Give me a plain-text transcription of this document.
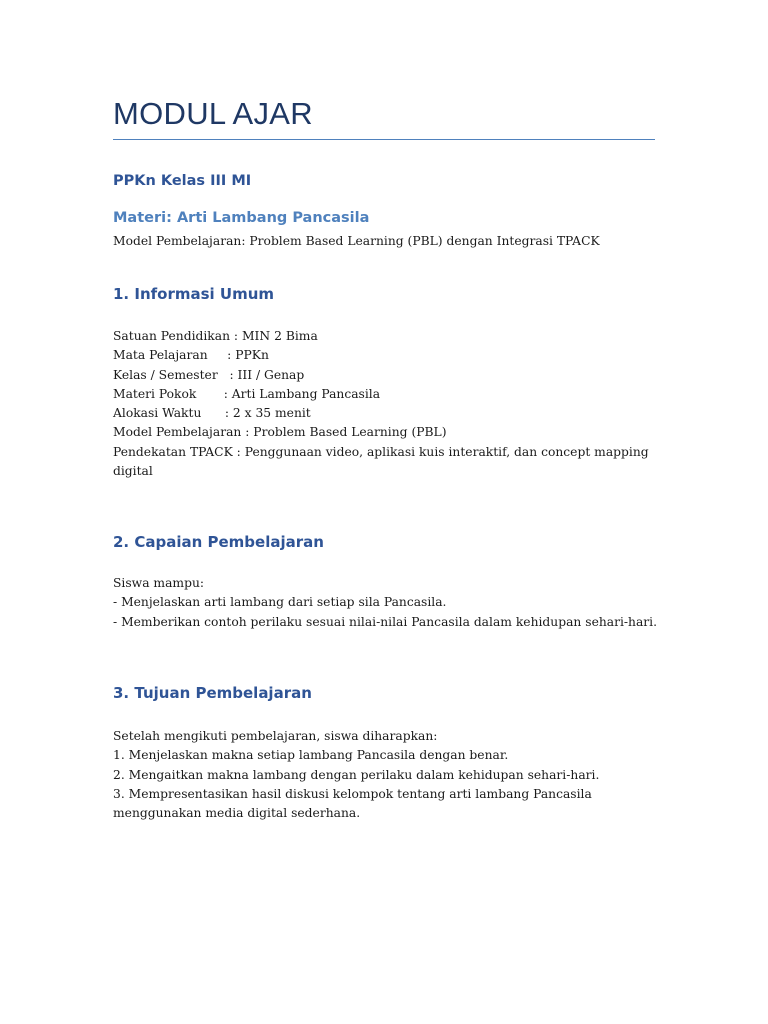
MODUL AJAR
PPKn Kelas III MI
Materi: Arti Lambang Pancasila
Model Pembelajaran: Problem Based Learning (PBL) dengan Integrasi TPACK
1. Informasi Umum
Satuan Pendidikan : MIN 2 Bima
Mata Pelajaran     : PPKn
Kelas / Semester   : III / Genap
Materi Pokok       : Arti Lambang Pancasila
Alokasi Waktu      : 2 x 35 menit
Model Pembelajaran : Problem Based Learning (PBL)
Pendekatan TPACK : Penggunaan video, aplikasi kuis interaktif, dan concept mapping digital
2. Capaian Pembelajaran
Siswa mampu:
- Menjelaskan arti lambang dari setiap sila Pancasila.
- Memberikan contoh perilaku sesuai nilai-nilai Pancasila dalam kehidupan sehari-hari.
3. Tujuan Pembelajaran
Setelah mengikuti pembelajaran, siswa diharapkan:
1. Menjelaskan makna setiap lambang Pancasila dengan benar.
2. Mengaitkan makna lambang dengan perilaku dalam kehidupan sehari-hari.
3. Mempresentasikan hasil diskusi kelompok tentang arti lambang Pancasila menggunakan media digital sederhana.
